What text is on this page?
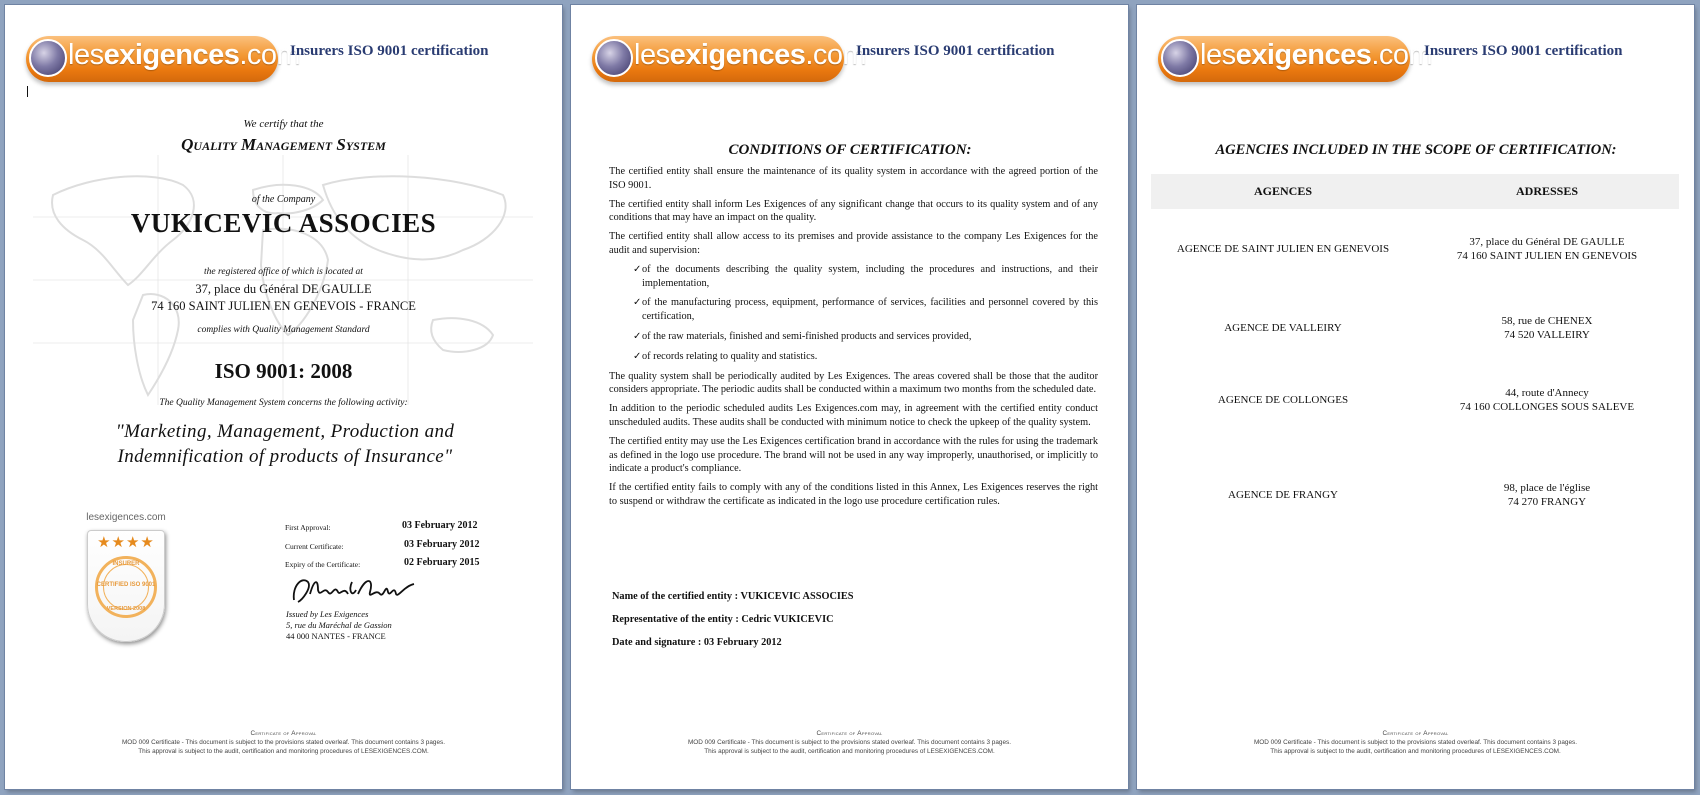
lesexigences.com
Insurers ISO 9001 certification
We certify that the
Quality Management System
of the Company
VUKICEVIC ASSOCIES
the registered office of which is located at
37, place du Général DE GAULLE
74 160 SAINT JULIEN EN GENEVOIS - FRANCE
complies with Quality Management Standard
ISO 9001: 2008
The Quality Management System concerns the following activity:
"Marketing, Management, Production and Indemnification of products of Insurance"
lesexigences.com
★★★★
INSURER
CERTIFIED ISO 9001
VERSION 2008
First Approval:	03 February 2012
Current Certificate:	03 February 2012
Expiry of the Certificate:	02 February 2015
Issued by Les Exigences
5, rue du Maréchal de Gassion
44 000 NANTES - FRANCE
Certificate of Approval
MOD 009 Certificate - This document is subject to the provisions stated overleaf. This document contains 3 pages.
This approval is subject to the audit, certification and monitoring procedures of LESEXIGENCES.COM.
lesexigences.com
Insurers ISO 9001 certification
CONDITIONS OF CERTIFICATION:

The certified entity shall ensure the maintenance of its quality system in accordance with the agreed portion of the ISO 9001.

The certified entity shall inform Les Exigences of any significant change that occurs to its quality system and of any conditions that may have an impact on the quality.

The certified entity shall allow access to its premises and provide assistance to the company Les Exigences for the audit and supervision:

✓ of the documents describing the quality system, including the procedures and instructions, and their implementation,
✓ of the manufacturing process, equipment, performance of services, facilities and personnel covered by this certification,
✓ of the raw materials, finished and semi-finished products and services provided,
✓ of records relating to quality and statistics.

The quality system shall be periodically audited by Les Exigences. The areas covered shall be those that the auditor considers appropriate. The periodic audits shall be conducted within a maximum two months from the scheduled date.

In addition to the periodic scheduled audits Les Exigences.com may, in agreement with the certified entity conduct unscheduled audits. These audits shall be conducted with minimum notice to check the upkeep of the quality system.

The certified entity may use the Les Exigences certification brand in accordance with the rules for using the trademark as defined in the logo use procedure. The brand will not be used in any way improperly, unauthorised, or implicitly to indicate a product's compliance.

If the certified entity fails to comply with any of the conditions listed in this Annex, Les Exigences reserves the right to suspend or withdraw the certificate as indicated in the logo use procedure certification rules.

Name of the certified entity : VUKICEVIC ASSOCIES
Representative of the entity : Cedric VUKICEVIC
Date and signature : 03 February 2012
Certificate of Approval
MOD 009 Certificate - This document is subject to the provisions stated overleaf. This document contains 3 pages.
This approval is subject to the audit, certification and monitoring procedures of LESEXIGENCES.COM.
lesexigences.com
Insurers ISO 9001 certification
AGENCIES INCLUDED IN THE SCOPE OF CERTIFICATION:
AGENCES	ADRESSES
AGENCE DE SAINT JULIEN EN GENEVOIS	37, place du Général DE GAULLE
74 160 SAINT JULIEN EN GENEVOIS

AGENCE DE VALLEIRY	58, rue de CHENEX
74 520 VALLEIRY

AGENCE DE COLLONGES	44, route d'Annecy
74 160 COLLONGES SOUS SALEVE

AGENCE DE FRANGY	98, place de l'église
74 270 FRANGY
Certificate of Approval
MOD 009 Certificate - This document is subject to the provisions stated overleaf. This document contains 3 pages.
This approval is subject to the audit, certification and monitoring procedures of LESEXIGENCES.COM.
